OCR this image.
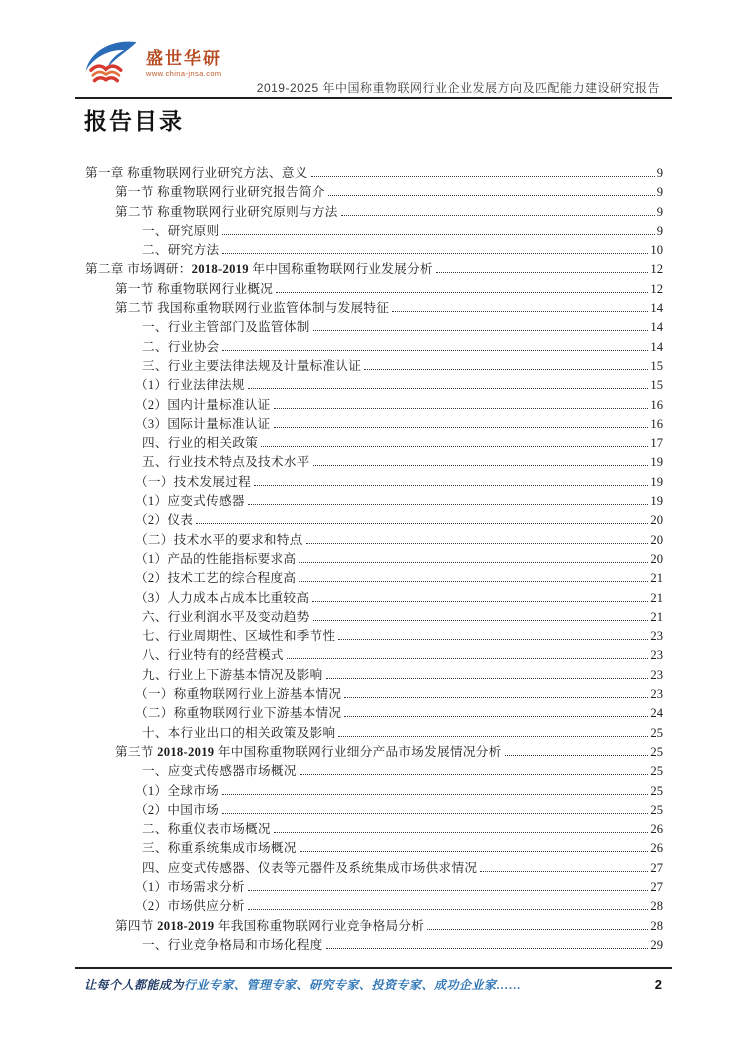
盛世华研
www.china-jnsa.com
2019-2025 年中国称重物联网行业企业发展方向及匹配能力建设研究报告
报告目录
第一章 称重物联网行业研究方法、意义	9
第一节 称重物联网行业研究报告简介	9
第二节 称重物联网行业研究原则与方法	9
一、研究原则	9
二、研究方法	10
第二章 市场调研：2018-2019 年中国称重物联网行业发展分析	12
第一节 称重物联网行业概况	12
第二节 我国称重物联网行业监管体制与发展特征	14
一、行业主管部门及监管体制	14
二、行业协会	14
三、行业主要法律法规及计量标准认证	15
（1）行业法律法规	15
（2）国内计量标准认证	16
（3）国际计量标准认证	16
四、行业的相关政策	17
五、行业技术特点及技术水平	19
（一）技术发展过程	19
（1）应变式传感器	19
（2）仪表	20
（二）技术水平的要求和特点	20
（1）产品的性能指标要求高	20
（2）技术工艺的综合程度高	21
（3）人力成本占成本比重较高	21
六、行业利润水平及变动趋势	21
七、行业周期性、区域性和季节性	23
八、行业特有的经营模式	23
九、行业上下游基本情况及影响	23
（一）称重物联网行业上游基本情况	23
（二）称重物联网行业下游基本情况	24
十、本行业出口的相关政策及影响	25
第三节 2018-2019 年中国称重物联网行业细分产品市场发展情况分析	25
一、应变式传感器市场概况	25
（1）全球市场	25
（2）中国市场	25
二、称重仪表市场概况	26
三、称重系统集成市场概况	26
四、应变式传感器、仪表等元器件及系统集成市场供求情况	27
（1）市场需求分析	27
（2）市场供应分析	28
第四节 2018-2019 年我国称重物联网行业竞争格局分析	28
一、行业竞争格局和市场化程度	29
让每个人都能成为行业专家、管理专家、研究专家、投资专家、成功企业家……	2
